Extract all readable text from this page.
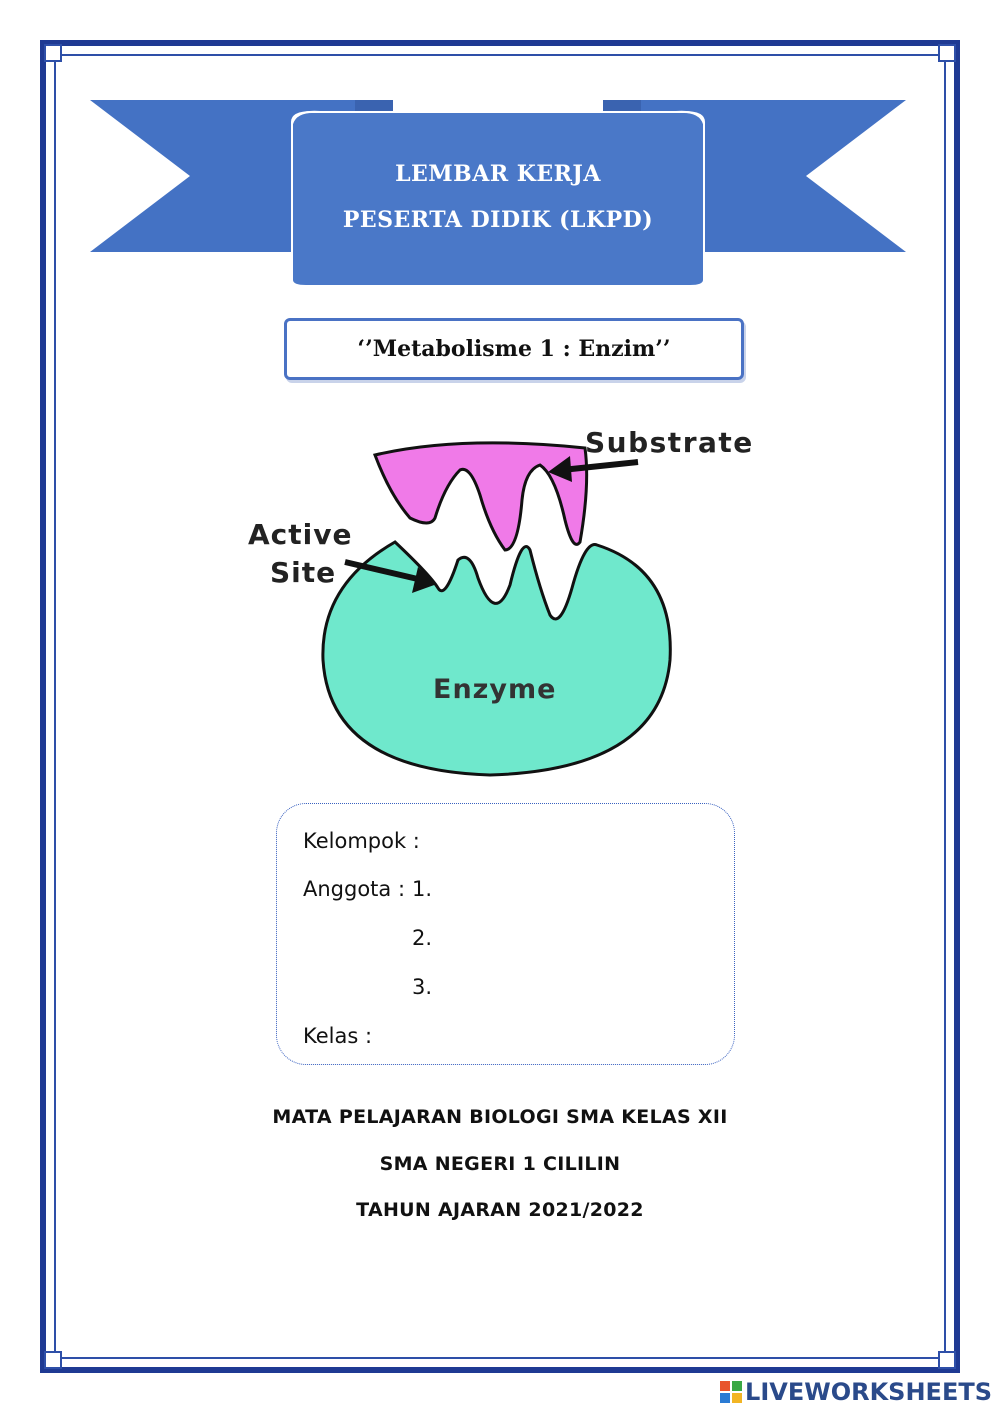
LEMBAR KERJA
PESERTA DIDIK (LKPD)
‘’Metabolisme 1 : Enzim’’
Substrate
Active
Site
Enzyme
Kelompok :
Anggota : 1.
2.
3.
Kelas :
MATA PELAJARAN BIOLOGI SMA KELAS XII
SMA NEGERI 1 CILILIN
TAHUN AJARAN 2021/2022
LIVEWORKSHEETS
